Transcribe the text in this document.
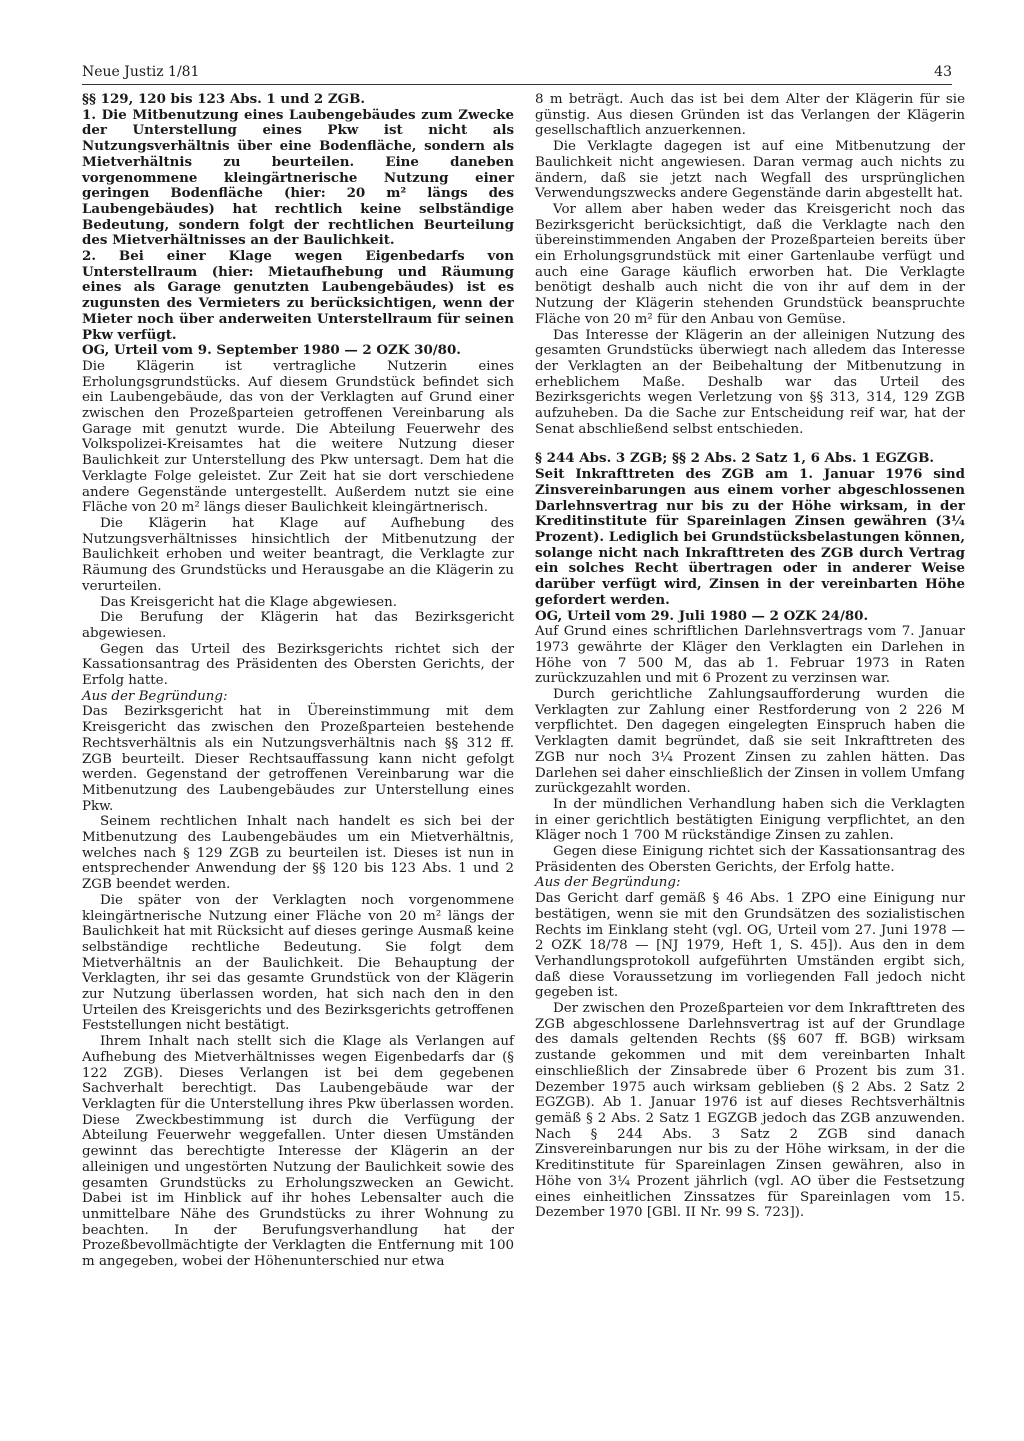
Neue Justiz 1/81	43

§§ 129, 120 bis 123 Abs. 1 und 2 ZGB.

1. Die Mitbenutzung eines Laubengebäudes zum Zwecke der Unterstellung eines Pkw ist nicht als Nutzungsverhältnis über eine Bodenfläche, sondern als Mietverhältnis zu beurteilen. Eine daneben vorgenommene kleingärtnerische Nutzung einer geringen Bodenfläche (hier: 20 m² längs des Laubengebäudes) hat rechtlich keine selbständige Bedeutung, sondern folgt der rechtlichen Beurteilung des Mietverhältnisses an der Baulichkeit.

2. Bei einer Klage wegen Eigenbedarfs von Unterstellraum (hier: Mietaufhebung und Räumung eines als Garage genutzten Laubengebäudes) ist es zugunsten des Vermieters zu berücksichtigen, wenn der Mieter noch über anderweiten Unterstellraum für seinen Pkw verfügt.

OG, Urteil vom 9. September 1980 — 2 OZK 30/80.

Die Klägerin ist vertragliche Nutzerin eines Erholungsgrundstücks. Auf diesem Grundstück befindet sich ein Laubengebäude, das von der Verklagten auf Grund einer zwischen den Prozeßparteien getroffenen Vereinbarung als Garage mit genutzt wurde. Die Abteilung Feuerwehr des Volkspolizei-Kreisamtes hat die weitere Nutzung dieser Baulichkeit zur Unterstellung des Pkw untersagt. Dem hat die Verklagte Folge geleistet. Zur Zeit hat sie dort verschiedene andere Gegenstände untergestellt. Außerdem nutzt sie eine Fläche von 20 m² längs dieser Baulichkeit kleingärtnerisch.

Die Klägerin hat Klage auf Aufhebung des Nutzungsverhältnisses hinsichtlich der Mitbenutzung der Baulichkeit erhoben und weiter beantragt, die Verklagte zur Räumung des Grundstücks und Herausgabe an die Klägerin zu verurteilen.

Das Kreisgericht hat die Klage abgewiesen.

Die Berufung der Klägerin hat das Bezirksgericht abgewiesen.

Gegen das Urteil des Bezirksgerichts richtet sich der Kassationsantrag des Präsidenten des Obersten Gerichts, der Erfolg hatte.

Aus der Begründung:

Das Bezirksgericht hat in Übereinstimmung mit dem Kreisgericht das zwischen den Prozeßparteien bestehende Rechtsverhältnis als ein Nutzungsverhältnis nach §§ 312 ff. ZGB beurteilt. Dieser Rechtsauffassung kann nicht gefolgt werden. Gegenstand der getroffenen Vereinbarung war die Mitbenutzung des Laubengebäudes zur Unterstellung eines Pkw.

Seinem rechtlichen Inhalt nach handelt es sich bei der Mitbenutzung des Laubengebäudes um ein Mietverhältnis, welches nach § 129 ZGB zu beurteilen ist. Dieses ist nun in entsprechender Anwendung der §§ 120 bis 123 Abs. 1 und 2 ZGB beendet werden.

Die später von der Verklagten noch vorgenommene kleingärtnerische Nutzung einer Fläche von 20 m² längs der Baulichkeit hat mit Rücksicht auf dieses geringe Ausmaß keine selbständige rechtliche Bedeutung. Sie folgt dem Mietverhältnis an der Baulichkeit. Die Behauptung der Verklagten, ihr sei das gesamte Grundstück von der Klägerin zur Nutzung überlassen worden, hat sich nach den in den Urteilen des Kreisgerichts und des Bezirksgerichts getroffenen Feststellungen nicht bestätigt.

Ihrem Inhalt nach stellt sich die Klage als Verlangen auf Aufhebung des Mietverhältnisses wegen Eigenbedarfs dar (§ 122 ZGB). Dieses Verlangen ist bei dem gegebenen Sachverhalt berechtigt. Das Laubengebäude war der Verklagten für die Unterstellung ihres Pkw überlassen worden. Diese Zweckbestimmung ist durch die Verfügung der Abteilung Feuerwehr weggefallen. Unter diesen Umständen gewinnt das berechtigte Interesse der Klägerin an der alleinigen und ungestörten Nutzung der Baulichkeit sowie des gesamten Grundstücks zu Erholungszwecken an Gewicht. Dabei ist im Hinblick auf ihr hohes Lebensalter auch die unmittelbare Nähe des Grundstücks zu ihrer Wohnung zu beachten. In der Berufungsverhandlung hat der Prozeßbevollmächtigte der Verklagten die Entfernung mit 100 m angegeben, wobei der Höhenunterschied nur etwa

8 m beträgt. Auch das ist bei dem Alter der Klägerin für sie günstig. Aus diesen Gründen ist das Verlangen der Klägerin gesellschaftlich anzuerkennen.

Die Verklagte dagegen ist auf eine Mitbenutzung der Baulichkeit nicht angewiesen. Daran vermag auch nichts zu ändern, daß sie jetzt nach Wegfall des ursprünglichen Verwendungszwecks andere Gegenstände darin abgestellt hat.

Vor allem aber haben weder das Kreisgericht noch das Bezirksgericht berücksichtigt, daß die Verklagte nach den übereinstimmenden Angaben der Prozeßparteien bereits über ein Erholungsgrundstück mit einer Gartenlaube verfügt und auch eine Garage käuflich erworben hat. Die Verklagte benötigt deshalb auch nicht die von ihr auf dem in der Nutzung der Klägerin stehenden Grundstück beanspruchte Fläche von 20 m² für den Anbau von Gemüse.

Das Interesse der Klägerin an der alleinigen Nutzung des gesamten Grundstücks überwiegt nach alledem das Interesse der Verklagten an der Beibehaltung der Mitbenutzung in erheblichem Maße. Deshalb war das Urteil des Bezirksgerichts wegen Verletzung von §§ 313, 314, 129 ZGB aufzuheben. Da die Sache zur Entscheidung reif war, hat der Senat abschließend selbst entschieden.

§ 244 Abs. 3 ZGB; §§ 2 Abs. 2 Satz 1, 6 Abs. 1 EGZGB.

Seit Inkrafttreten des ZGB am 1. Januar 1976 sind Zinsvereinbarungen aus einem vorher abgeschlossenen Darlehnsvertrag nur bis zu der Höhe wirksam, in der Kreditinstitute für Spareinlagen Zinsen gewähren (3¼ Prozent). Lediglich bei Grundstücksbelastungen können, solange nicht nach Inkrafttreten des ZGB durch Vertrag ein solches Recht übertragen oder in anderer Weise darüber verfügt wird, Zinsen in der vereinbarten Höhe gefordert werden.

OG, Urteil vom 29. Juli 1980 — 2 OZK 24/80.

Auf Grund eines schriftlichen Darlehnsvertrags vom 7. Januar 1973 gewährte der Kläger den Verklagten ein Darlehen in Höhe von 7 500 M, das ab 1. Februar 1973 in Raten zurückzuzahlen und mit 6 Prozent zu verzinsen war.

Durch gerichtliche Zahlungsaufforderung wurden die Verklagten zur Zahlung einer Restforderung von 2 226 M verpflichtet. Den dagegen eingelegten Einspruch haben die Verklagten damit begründet, daß sie seit Inkrafttreten des ZGB nur noch 3¼ Prozent Zinsen zu zahlen hätten. Das Darlehen sei daher einschließlich der Zinsen in vollem Umfang zurückgezahlt worden.

In der mündlichen Verhandlung haben sich die Verklagten in einer gerichtlich bestätigten Einigung verpflichtet, an den Kläger noch 1 700 M rückständige Zinsen zu zahlen.

Gegen diese Einigung richtet sich der Kassationsantrag des Präsidenten des Obersten Gerichts, der Erfolg hatte.

Aus der Begründung:

Das Gericht darf gemäß § 46 Abs. 1 ZPO eine Einigung nur bestätigen, wenn sie mit den Grundsätzen des sozialistischen Rechts im Einklang steht (vgl. OG, Urteil vom 27. Juni 1978 — 2 OZK 18/78 — [NJ 1979, Heft 1, S. 45]). Aus den in dem Verhandlungsprotokoll aufgeführten Umständen ergibt sich, daß diese Voraussetzung im vorliegenden Fall jedoch nicht gegeben ist.

Der zwischen den Prozeßparteien vor dem Inkrafttreten des ZGB abgeschlossene Darlehnsvertrag ist auf der Grundlage des damals geltenden Rechts (§§ 607 ff. BGB) wirksam zustande gekommen und mit dem vereinbarten Inhalt einschließlich der Zinsabrede über 6 Prozent bis zum 31. Dezember 1975 auch wirksam geblieben (§ 2 Abs. 2 Satz 2 EGZGB). Ab 1. Januar 1976 ist auf dieses Rechtsverhältnis gemäß § 2 Abs. 2 Satz 1 EGZGB jedoch das ZGB anzuwenden. Nach § 244 Abs. 3 Satz 2 ZGB sind danach Zinsvereinbarungen nur bis zu der Höhe wirksam, in der die Kreditinstitute für Spareinlagen Zinsen gewähren, also in Höhe von 3¼ Prozent jährlich (vgl. AO über die Festsetzung eines einheitlichen Zinssatzes für Spareinlagen vom 15. Dezember 1970 [GBl. II Nr. 99 S. 723]).
